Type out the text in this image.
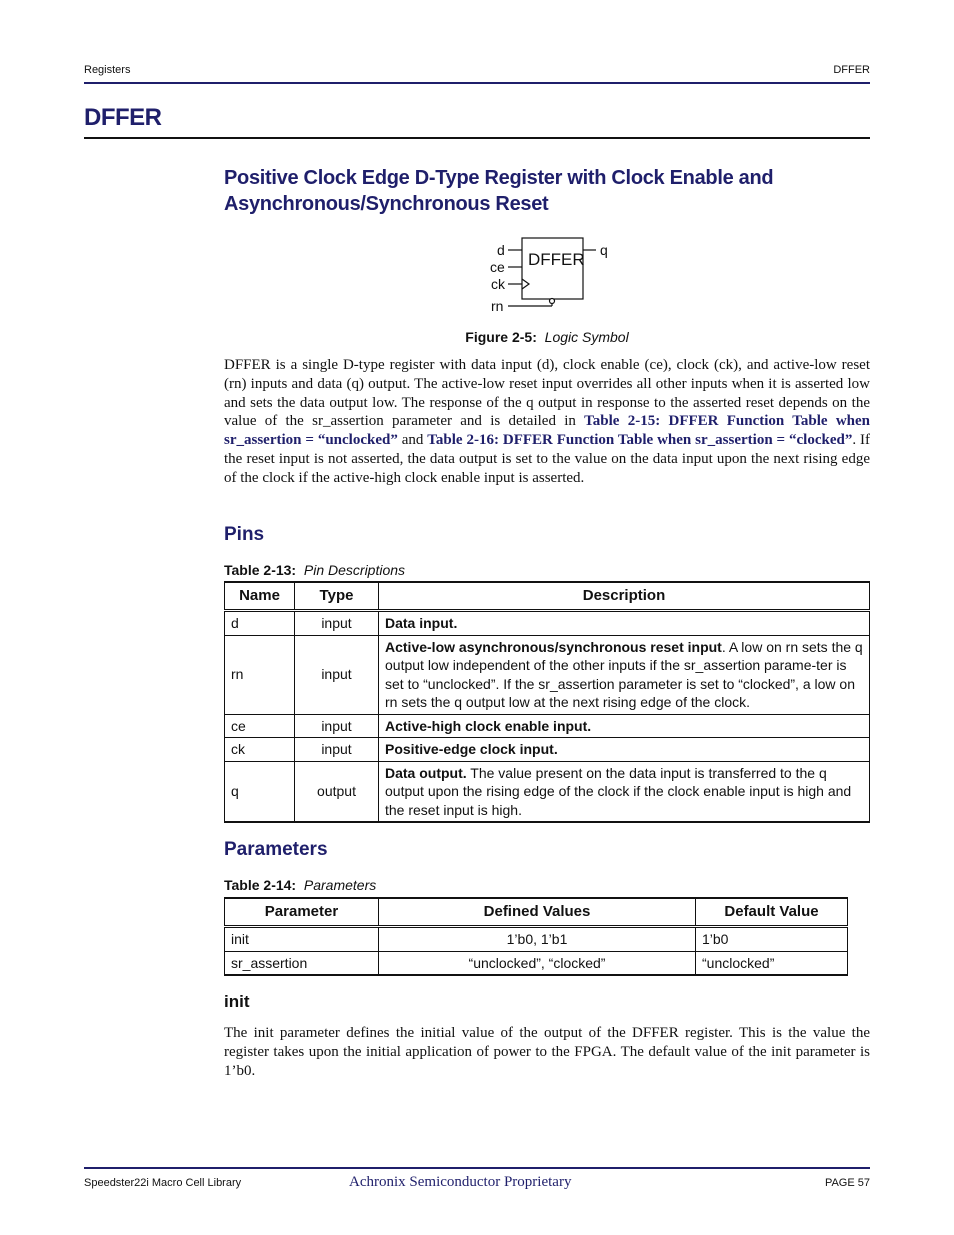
Registers	DFFER
DFFER
Positive Clock Edge D-Type Register with Clock Enable and Asynchronous/Synchronous Reset
DFFER
d
ce
ck
rn
q
Figure 2-5: Logic Symbol
DFFER is a single D-type register with data input (d), clock enable (ce), clock (ck), and active-low reset (rn) inputs and data (q) output. The active-low reset input overrides all other inputs when it is asserted low and sets the data output low. The response of the q output in response to the asserted reset depends on the value of the sr_assertion parameter and is detailed in Table 2-15: DFFER Function Table when sr_assertion = “unclocked” and Table 2-16: DFFER Function Table when sr_assertion = “clocked”. If the reset input is not asserted, the data output is set to the value on the data input upon the next rising edge of the clock if the active-high clock enable input is asserted.
Pins
Table 2-13: Pin Descriptions
Name	Type	Description
d	input	Data input.
rn	input	Active-low asynchronous/synchronous reset input. A low on rn sets the q output low independent of the other inputs if the sr_assertion parame-ter is set to “unclocked”. If the sr_assertion parameter is set to “clocked”, a low on rn sets the q output low at the next rising edge of the clock.
ce	input	Active-high clock enable input.
ck	input	Positive-edge clock input.
q	output	Data output. The value present on the data input is transferred to the q output upon the rising edge of the clock if the clock enable input is high and the reset input is high.
Parameters
Table 2-14: Parameters
Parameter	Defined Values	Default Value
init	1’b0, 1’b1	1’b0
sr_assertion	“unclocked”, “clocked”	“unclocked”
init
The init parameter defines the initial value of the output of the DFFER register. This is the value the register takes upon the initial application of power to the FPGA. The default value of the init parameter is 1’b0.
Speedster22i Macro Cell Library	Achronix Semiconductor Proprietary	PAGE 57
